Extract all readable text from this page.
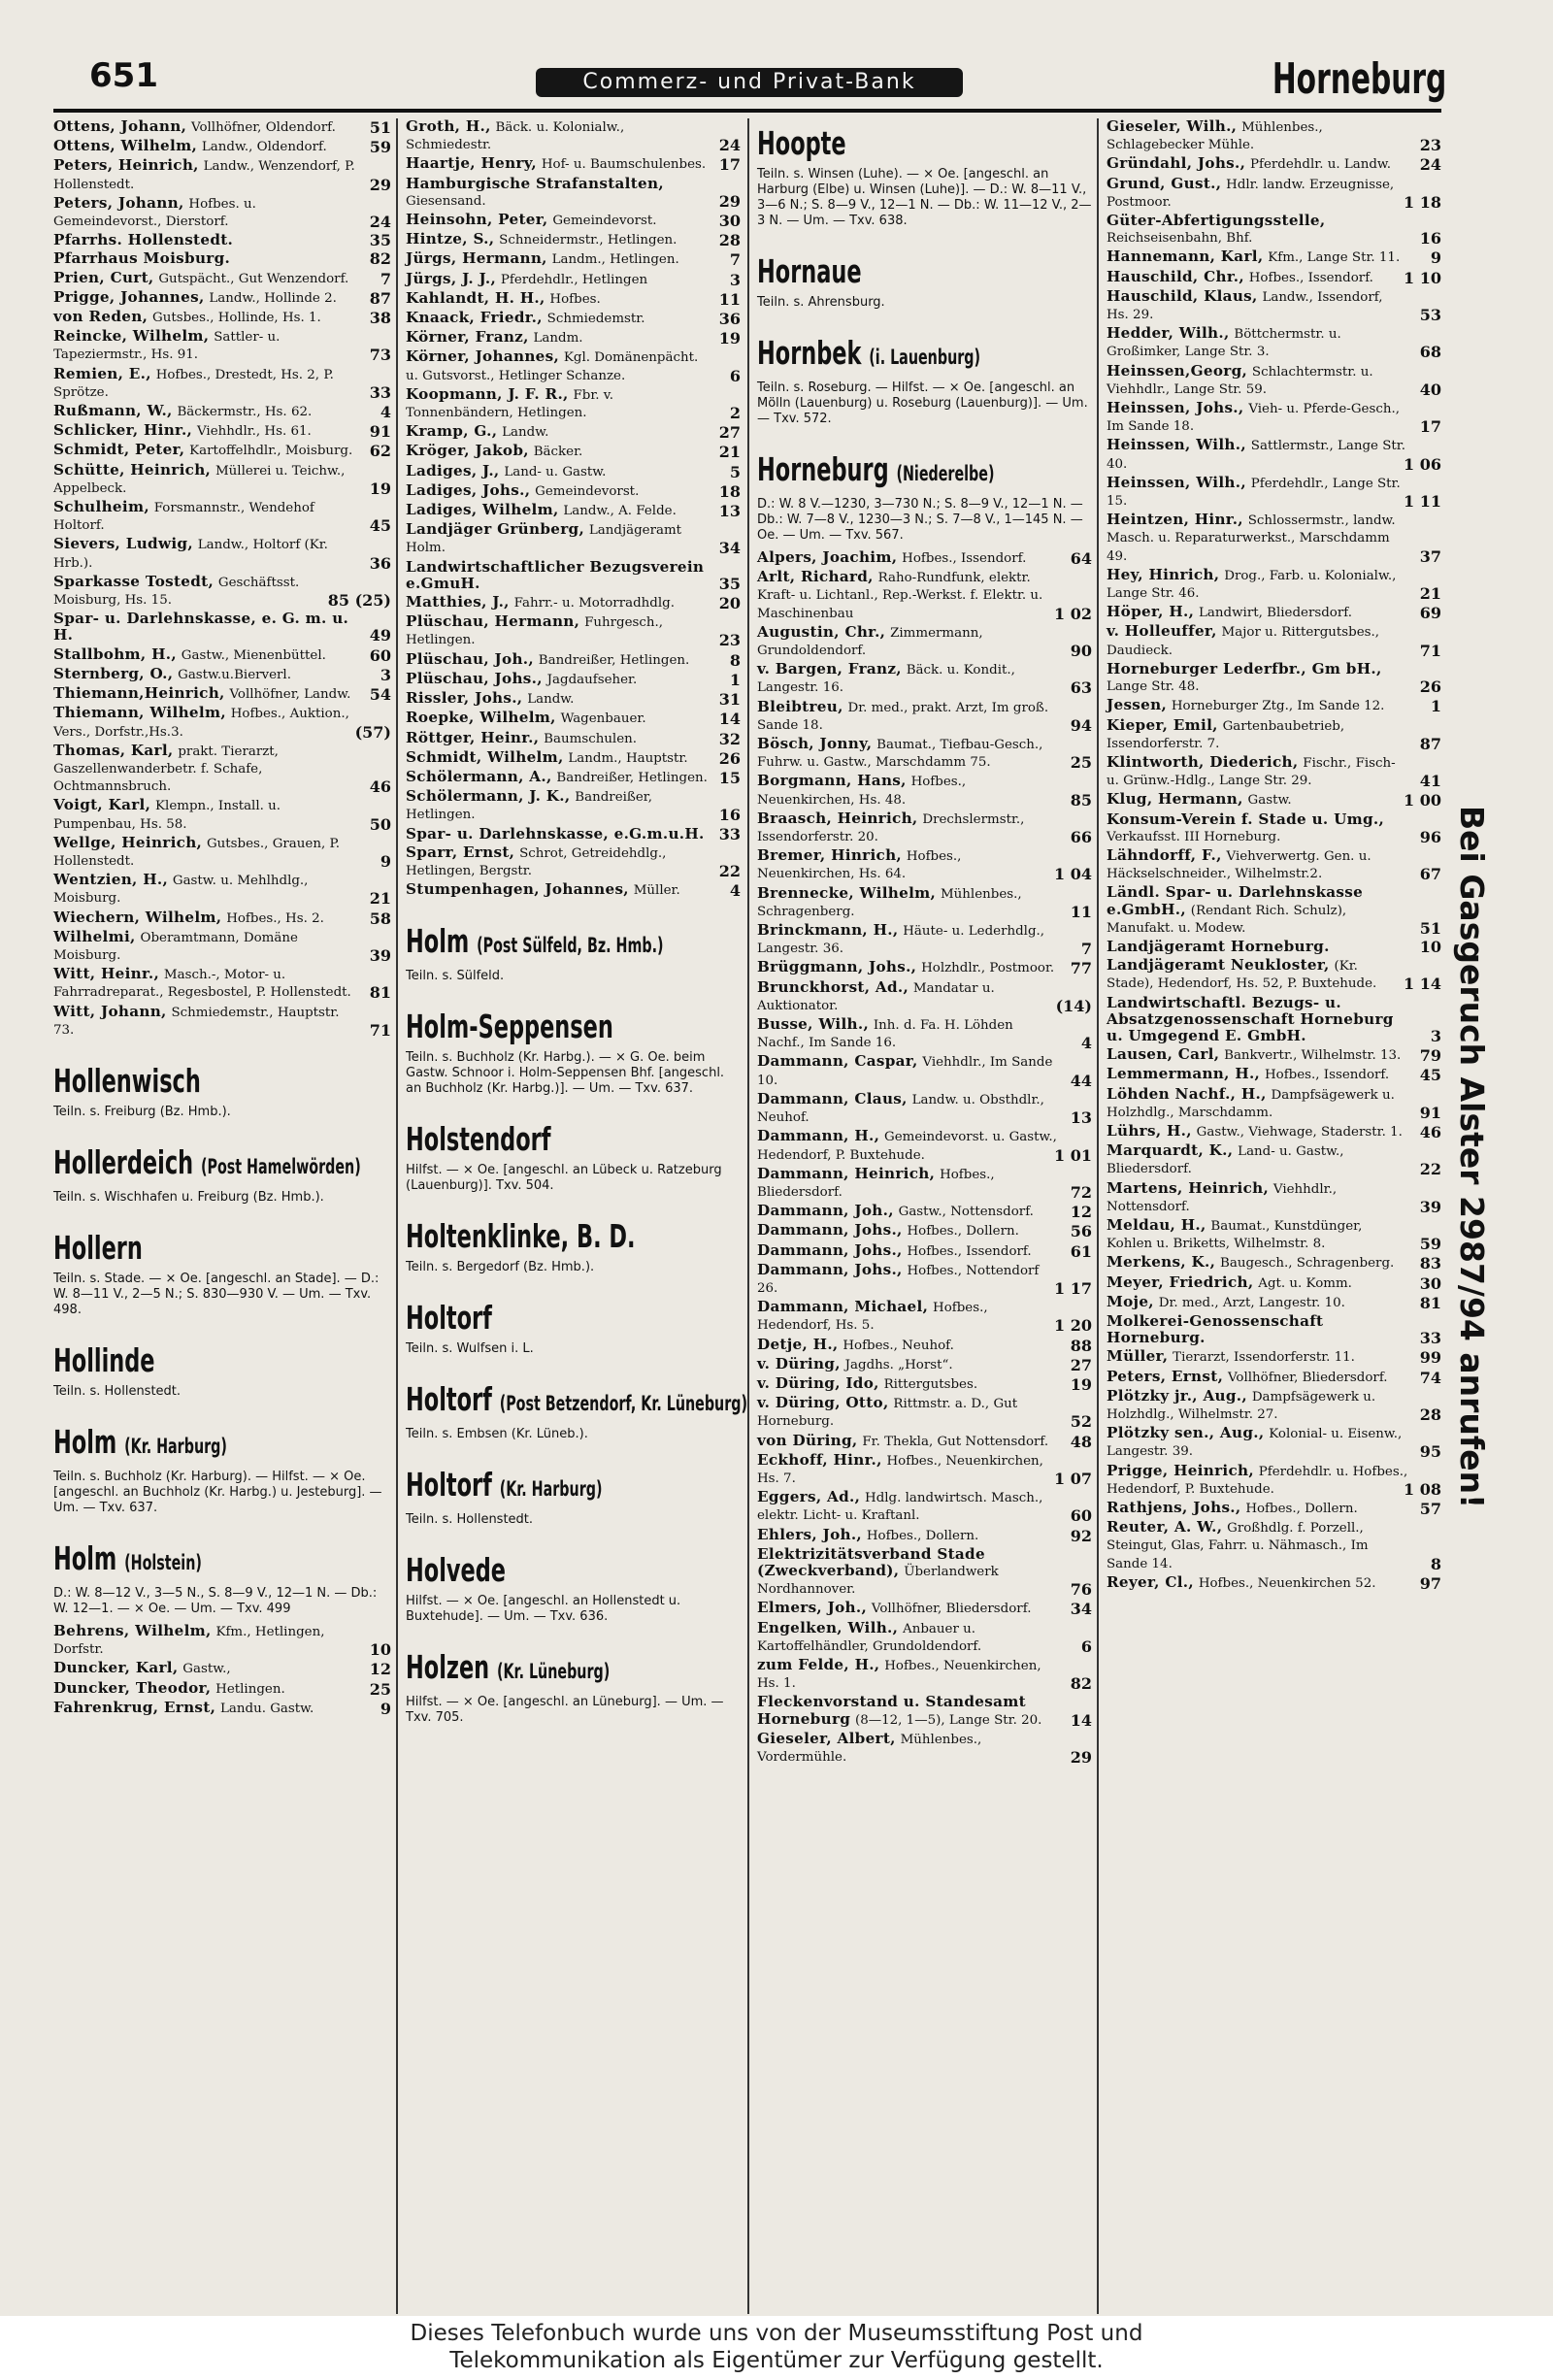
651	Commerz- und Privat-Bank	Horneburg
Ottens, Johann, Vollhöfner, Oldendorf. 51
Ottens, Wilhelm, Landw., Oldendorf.	59
Peters, Heinrich, Landw., Wenzendorf, P. Hollenstedt.	29
Peters, Johann, Hofbes. u. Gemeindevorst., Dierstorf.	24
Pfarrhs. Hollenstedt.	35
Pfarrhaus Moisburg.	82
Prien, Curt, Gutspächt., Gut Wenzendorf. 7
Prigge, Johannes, Landw., Hollinde 2. 87
von Reden, Gutsbes., Hollinde, Hs. 1.	38
Reincke, Wilhelm, Sattler- u. Tapeziermstr., Hs. 91.	73
Remien, E., Hofbes., Drestedt, Hs. 2, P. Sprötze.	33
Rußmann, W., Bäckermstr., Hs. 62.	4
Schlicker, Hinr., Viehhdlr., Hs. 61.	91
Schmidt, Peter, Kartoffelhdlr., Moisburg. 62
Schütte, Heinrich, Müllerei u. Teichw., Appelbeck.	19
Schulheim, Forsmannstr., Wendehof Holtorf.	45
Sievers, Ludwig, Landw., Holtorf (Kr. Hrb.).	36
Sparkasse Tostedt, Geschäftsst. Moisburg, Hs. 15.	85 (25)
Spar- u. Darlehnskasse, e. G. m. u. H.	49
Stallbohm, H., Gastw., Mienenbüttel.	60
Sternberg, O., Gastw.u.Bierverl.	3
Thiemann,Heinrich, Vollhöfner, Landw. 54
Thiemann, Wilhelm, Hofbes., Auktion., Vers., Dorfstr.,Hs.3.	(57)
Thomas, Karl, prakt. Tierarzt, Gaszellenwanderbetr. f. Schafe, Ochtmannsbruch.	46
Voigt, Karl, Klempn., Install. u. Pumpenbau, Hs. 58.	50
Wellge, Heinrich, Gutsbes., Grauen, P. Hollenstedt.	9
Wentzien, H., Gastw. u. Mehlhdlg., Moisburg.	21
Wiechern, Wilhelm, Hofbes., Hs. 2.	58
Wilhelmi, Oberamtmann, Domäne Moisburg.	39
Witt, Heinr., Masch.-, Motor- u. Fahrradreparat., Regesbostel, P. Hollenstedt. 81
Witt, Johann, Schmiedemstr., Hauptstr. 73.	71
Hollenwisch
Teiln. s. Freiburg (Bz. Hmb.).
Hollerdeich (Post Hamelwörden)
Teiln. s. Wischhafen u. Freiburg (Bz. Hmb.).
Hollern
Teiln. s. Stade. — × Oe. [angeschl. an Stade]. — D.: W. 8—11 V., 2—5 N.; S. 830—930 V. — Um. — Txv. 498.
Hollinde
Teiln. s. Hollenstedt.
Holm (Kr. Harburg)
Teiln. s. Buchholz (Kr. Harburg). — Hilfst. — × Oe. [angeschl. an Buchholz (Kr. Harbg.) u. Jesteburg]. — Um. — Txv. 637.
Holm (Holstein)
D.: W. 8—12 V., 3—5 N., S. 8—9 V., 12—1 N. — Db.: W. 12—1. — × Oe. — Um. — Txv. 499
Behrens, Wilhelm, Kfm., Hetlingen, Dorfstr.	10
Duncker, Karl, Gastw.,	12
Duncker, Theodor, Hetlingen.	25
Fahrenkrug, Ernst, Landu. Gastw.	9
Groth, H., Bäck. u. Kolonialw., Schmiedestr.	24
Haartje, Henry, Hof- u. Baumschulenbes. 17
Hamburgische Strafanstalten, Giesensand.	29
Heinsohn, Peter, Gemeindevorst.	30
Hintze, S., Schneidermstr., Hetlingen.	28
Jürgs, Hermann, Landm., Hetlingen.	7
Jürgs, J. J., Pferdehdlr., Hetlingen	3
Kahlandt, H. H., Hofbes.	11
Knaack, Friedr., Schmiedemstr.	36
Körner, Franz, Landm.	19
Körner, Johannes, Kgl. Domänenpächt. u. Gutsvorst., Hetlinger Schanze.	6
Koopmann, J. F. R., Fbr. v. Tonnenbändern, Hetlingen.	2
Kramp, G., Landw.	27
Kröger, Jakob, Bäcker.	21
Ladiges, J., Land- u. Gastw.	5
Ladiges, Johs., Gemeindevorst.	18
Ladiges, Wilhelm, Landw., A. Felde.	13
Landjäger Grünberg, Landjägeramt Holm.	34
Landwirtschaftlicher Bezugsverein e.GmuH.	35
Matthies, J., Fahrr.- u. Motorradhdlg.	20
Plüschau, Hermann, Fuhrgesch., Hetlingen.	23
Plüschau, Joh., Bandreißer, Hetlingen.	8
Plüschau, Johs., Jagdaufseher.	1
Rissler, Johs., Landw.	31
Roepke, Wilhelm, Wagenbauer.	14
Röttger, Heinr., Baumschulen.	32
Schmidt, Wilhelm, Landm., Hauptstr. 26
Schölermann, A., Bandreißer, Hetlingen. 15
Schölermann, J. K., Bandreißer, Hetlingen.	16
Spar- u. Darlehnskasse, e.G.m.u.H. 33
Sparr, Ernst, Schrot, Getreidehdlg., Hetlingen, Bergstr.	22
Stumpenhagen, Johannes, Müller.	4
Holm (Post Sülfeld, Bz. Hmb.)
Teiln. s. Sülfeld.
Holm-Seppensen
Teiln. s. Buchholz (Kr. Harbg.). — × G. Oe. beim Gastw. Schnoor i. Holm-Seppensen Bhf. [angeschl. an Buchholz (Kr. Harbg.)]. — Um. — Txv. 637.
Holstendorf
Hilfst. — × Oe. [angeschl. an Lübeck u. Ratzeburg (Lauenburg)]. Txv. 504.
Holtenklinke, B. D.
Teiln. s. Bergedorf (Bz. Hmb.).
Holtorf
Teiln. s. Wulfsen i. L.
Holtorf (Post Betzendorf, Kr. Lüneburg)
Teiln. s. Embsen (Kr. Lüneb.).
Holtorf (Kr. Harburg)
Teiln. s. Hollenstedt.
Holvede
Hilfst. — × Oe. [angeschl. an Hollenstedt u. Buxtehude]. — Um. — Txv. 636.
Holzen (Kr. Lüneburg)
Hilfst. — × Oe. [angeschl. an Lüneburg]. — Um. — Txv. 705.
Hoopte
Teiln. s. Winsen (Luhe). — × Oe. [angeschl. an Harburg (Elbe) u. Winsen (Luhe)]. — D.: W. 8—11 V., 3—6 N.; S. 8—9 V., 12—1 N. — Db.: W. 11—12 V., 2—3 N. — Um. — Txv. 638.
Hornaue
Teiln. s. Ahrensburg.
Hornbek (i. Lauenburg)
Teiln. s. Roseburg. — Hilfst. — × Oe. [angeschl. an Mölln (Lauenburg) u. Roseburg (Lauenburg)]. — Um. — Txv. 572.
Horneburg (Niederelbe)
D.: W. 8 V.—1230, 3—730 N.; S. 8—9 V., 12—1 N. — Db.: W. 7—8 V., 1230—3 N.; S. 7—8 V., 1—145 N. — Oe. — Um. — Txv. 567.
Alpers, Joachim, Hofbes., Issendorf.	64
Arlt, Richard, Raho-Rundfunk, elektr. Kraft- u. Lichtanl., Rep.-Werkst. f. Elektr. u. Maschinenbau	1 02
Augustin, Chr., Zimmermann, Grundoldendorf.	90
v. Bargen, Franz, Bäck. u. Kondit., Langestr. 16.	63
Bleibtreu, Dr. med., prakt. Arzt, Im groß. Sande 18.	94
Bösch, Jonny, Baumat., Tiefbau-Gesch., Fuhrw. u. Gastw., Marschdamm 75.	25
Borgmann, Hans, Hofbes., Neuenkirchen, Hs. 48.	85
Braasch, Heinrich, Drechslermstr., Issendorferstr. 20.	66
Bremer, Hinrich, Hofbes., Neuenkirchen, Hs. 64.	1 04
Brennecke, Wilhelm, Mühlenbes., Schragenberg.	11
Brinckmann, H., Häute- u. Lederhdlg., Langestr. 36.	7
Brüggmann, Johs., Holzhdlr., Postmoor. 77
Brunckhorst, Ad., Mandatar u. Auktionator.	(14)
Busse, Wilh., Inh. d. Fa. H. Löhden Nachf., Im Sande 16.	4
Dammann, Caspar, Viehhdlr., Im Sande 10.	44
Dammann, Claus, Landw. u. Obsthdlr., Neuhof.	13
Dammann, H., Gemeindevorst. u. Gastw., Hedendorf, P. Buxtehude.	1 01
Dammann, Heinrich, Hofbes., Bliedersdorf.	72
Dammann, Joh., Gastw., Nottensdorf. 12
Dammann, Johs., Hofbes., Dollern.	56
Dammann, Johs., Hofbes., Issendorf.	61
Dammann, Johs., Hofbes., Nottendorf 26.	1 17
Dammann, Michael, Hofbes., Hedendorf, Hs. 5.	1 20
Detje, H., Hofbes., Neuhof.	88
v. Düring, Jagdhs. „Horst“.	27
v. Düring, Ido, Rittergutsbes.	19
v. Düring, Otto, Rittmstr. a. D., Gut Horneburg.	52
von Düring, Fr. Thekla, Gut Nottensdorf. 48
Eckhoff, Hinr., Hofbes., Neuenkirchen, Hs. 7.	1 07
Eggers, Ad., Hdlg. landwirtsch. Masch., elektr. Licht- u. Kraftanl.	60
Ehlers, Joh., Hofbes., Dollern.	92
Elektrizitätsverband Stade (Zweckverband), Überlandwerk Nordhannover.	76
Elmers, Joh., Vollhöfner, Bliedersdorf.	34
Engelken, Wilh., Anbauer u. Kartoffelhändler, Grundoldendorf.	6
zum Felde, H., Hofbes., Neuenkirchen, Hs. 1.	82
Fleckenvorstand u. Standesamt Horneburg (8—12, 1—5), Lange Str. 20. 14
Gieseler, Albert, Mühlenbes., Vordermühle.	29
Gieseler, Wilh., Mühlenbes., Schlagebecker Mühle.	23
Gründahl, Johs., Pferdehdlr. u. Landw. 24
Grund, Gust., Hdlr. landw. Erzeugnisse, Postmoor.	1 18
Güter-Abfertigungsstelle, Reichseisenbahn, Bhf.	16
Hannemann, Karl, Kfm., Lange Str. 11. 9
Hauschild, Chr., Hofbes., Issendorf. 1 10
Hauschild, Klaus, Landw., Issendorf, Hs. 29.	53
Hedder, Wilh., Böttchermstr. u. Großimker, Lange Str. 3.	68
Heinssen,Georg, Schlachtermstr. u. Viehhdlr., Lange Str. 59.	40
Heinssen, Johs., Vieh- u. Pferde-Gesch., Im Sande 18.	17
Heinssen, Wilh., Sattlermstr., Lange Str. 40.	1 06
Heinssen, Wilh., Pferdehdlr., Lange Str. 15.	1 11
Heintzen, Hinr., Schlossermstr., landw. Masch. u. Reparaturwerkst., Marschdamm 49.	37
Hey, Hinrich, Drog., Farb. u. Kolonialw., Lange Str. 46.	21
Höper, H., Landwirt, Bliedersdorf.	69
v. Holleuffer, Major u. Rittergutsbes., Daudieck.	71
Horneburger Lederfbr., Gm bH., Lange Str. 48.	26
Jessen, Horneburger Ztg., Im Sande 12.	1
Kieper, Emil, Gartenbaubetrieb, Issendorferstr. 7.	87
Klintworth, Diederich, Fischr., Fisch- u. Grünw.-Hdlg., Lange Str. 29.	41
Klug, Hermann, Gastw.	1 00
Konsum-Verein f. Stade u. Umg., Verkaufsst. III Horneburg.	96
Lähndorff, F., Viehverwertg. Gen. u. Häckselschneider., Wilhelmstr.2.	67
Ländl. Spar- u. Darlehnskasse e.GmbH., (Rendant Rich. Schulz), Manufakt. u. Modew.	51
Landjägeramt Horneburg.	10
Landjägeramt Neukloster, (Kr. Stade), Hedendorf, Hs. 52, P. Buxtehude. 1 14
Landwirtschaftl. Bezugs- u. Absatzgenossenschaft Horneburg u. Umgegend E. GmbH.	3
Lausen, Carl, Bankvertr., Wilhelmstr. 13. 79
Lemmermann, H., Hofbes., Issendorf. 45
Löhden Nachf., H., Dampfsägewerk u. Holzhdlg., Marschdamm.	91
Lührs, H., Gastw., Viehwage, Staderstr. 1. 46
Marquardt, K., Land- u. Gastw., Bliedersdorf.	22
Martens, Heinrich, Viehhdlr., Nottensdorf.	39
Meldau, H., Baumat., Kunstdünger, Kohlen u. Briketts, Wilhelmstr. 8.	59
Merkens, K., Baugesch., Schragenberg. 83
Meyer, Friedrich, Agt. u. Komm.	30
Moje, Dr. med., Arzt, Langestr. 10.	81
Molkerei-Genossenschaft Horneburg.	33
Müller, Tierarzt, Issendorferstr. 11.	99
Peters, Ernst, Vollhöfner, Bliedersdorf. 74
Plötzky jr., Aug., Dampfsägewerk u. Holzhdlg., Wilhelmstr. 27.	28
Plötzky sen., Aug., Kolonial- u. Eisenw., Langestr. 39.	95
Prigge, Heinrich, Pferdehdlr. u. Hofbes., Hedendorf, P. Buxtehude.	1 08
Rathjens, Johs., Hofbes., Dollern.	57
Reuter, A. W., Großhdlg. f. Porzell., Steingut, Glas, Fahrr. u. Nähmasch., Im Sande 14.	8
Reyer, Cl., Hofbes., Neuenkirchen 52.	97
Bei Gasgeruch Alster 2987/94 anrufen!
Dieses Telefonbuch wurde uns von der Museumsstiftung Post und
Telekommunikation als Eigentümer zur Verfügung gestellt.
